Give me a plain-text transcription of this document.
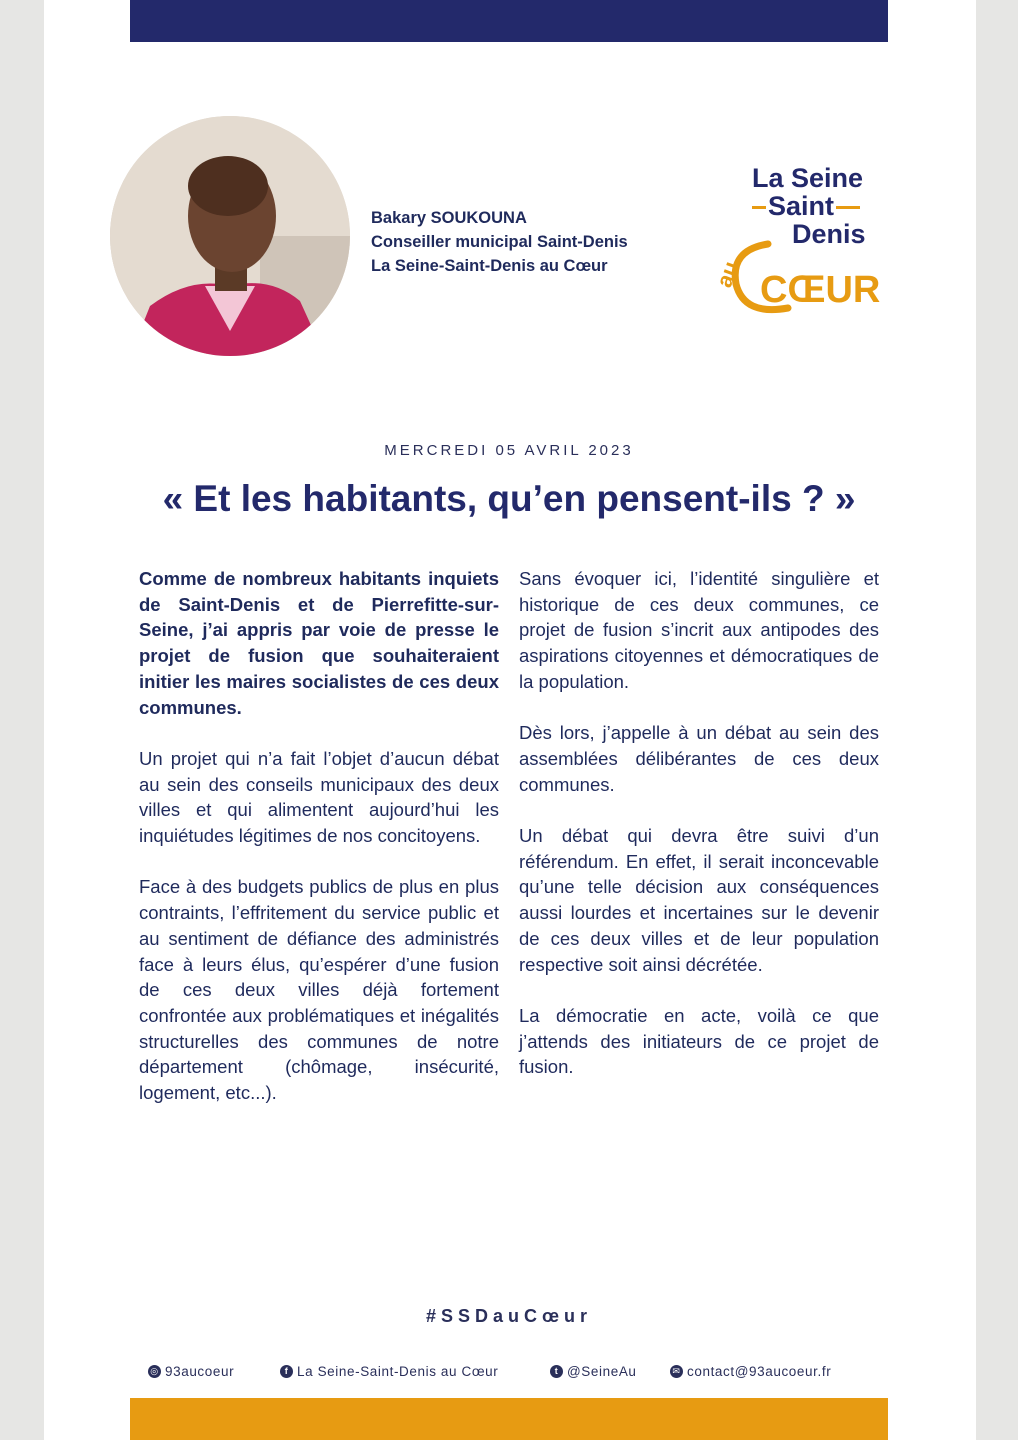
Bakary SOUKOUNA
Conseiller municipal Saint-Denis
La Seine-Saint-Denis au Cœur
La Seine
Saint
Denis
au CŒUR
MERCREDI 05 AVRIL 2023
« Et les habitants, qu’en pensent-ils ? »

Comme de nombreux habitants inquiets de Saint-Denis et de Pierrefitte-sur-Seine, j’ai appris par voie de presse le projet de fusion que souhaiteraient initier les maires socialistes de ces deux communes.

Un projet qui n’a fait l’objet d’aucun débat au sein des conseils municipaux des deux villes et qui alimentent aujourd’hui les inquiétudes légitimes de nos concitoyens.

Face à des budgets publics de plus en plus contraints, l’effritement du service public et au sentiment de défiance des administrés face à leurs élus, qu’espérer d’une fusion de ces deux villes déjà fortement confrontée aux problématiques et inégalités structurelles des communes de notre département (chômage, insécurité, logement, etc...).

Sans évoquer ici, l’identité singulière et historique de ces deux communes, ce projet de fusion s’incrit aux antipodes des aspirations citoyennes et démocratiques de la population.

Dès lors, j’appelle à un débat au sein des assemblées délibérantes de ces deux communes.

Un débat qui devra être suivi d’un référendum. En effet, il serait inconcevable qu’une telle décision aux conséquences aussi lourdes et incertaines sur le devenir de ces deux villes et de leur population respective soit ainsi décrétée.

La démocratie en acte, voilà ce que j’attends des initiateurs de ce projet de fusion.

#SSDauCœur
◎ 93aucoeur	f La Seine-Saint-Denis au Cœur	t @SeineAu	✉ contact@93aucoeur.fr
